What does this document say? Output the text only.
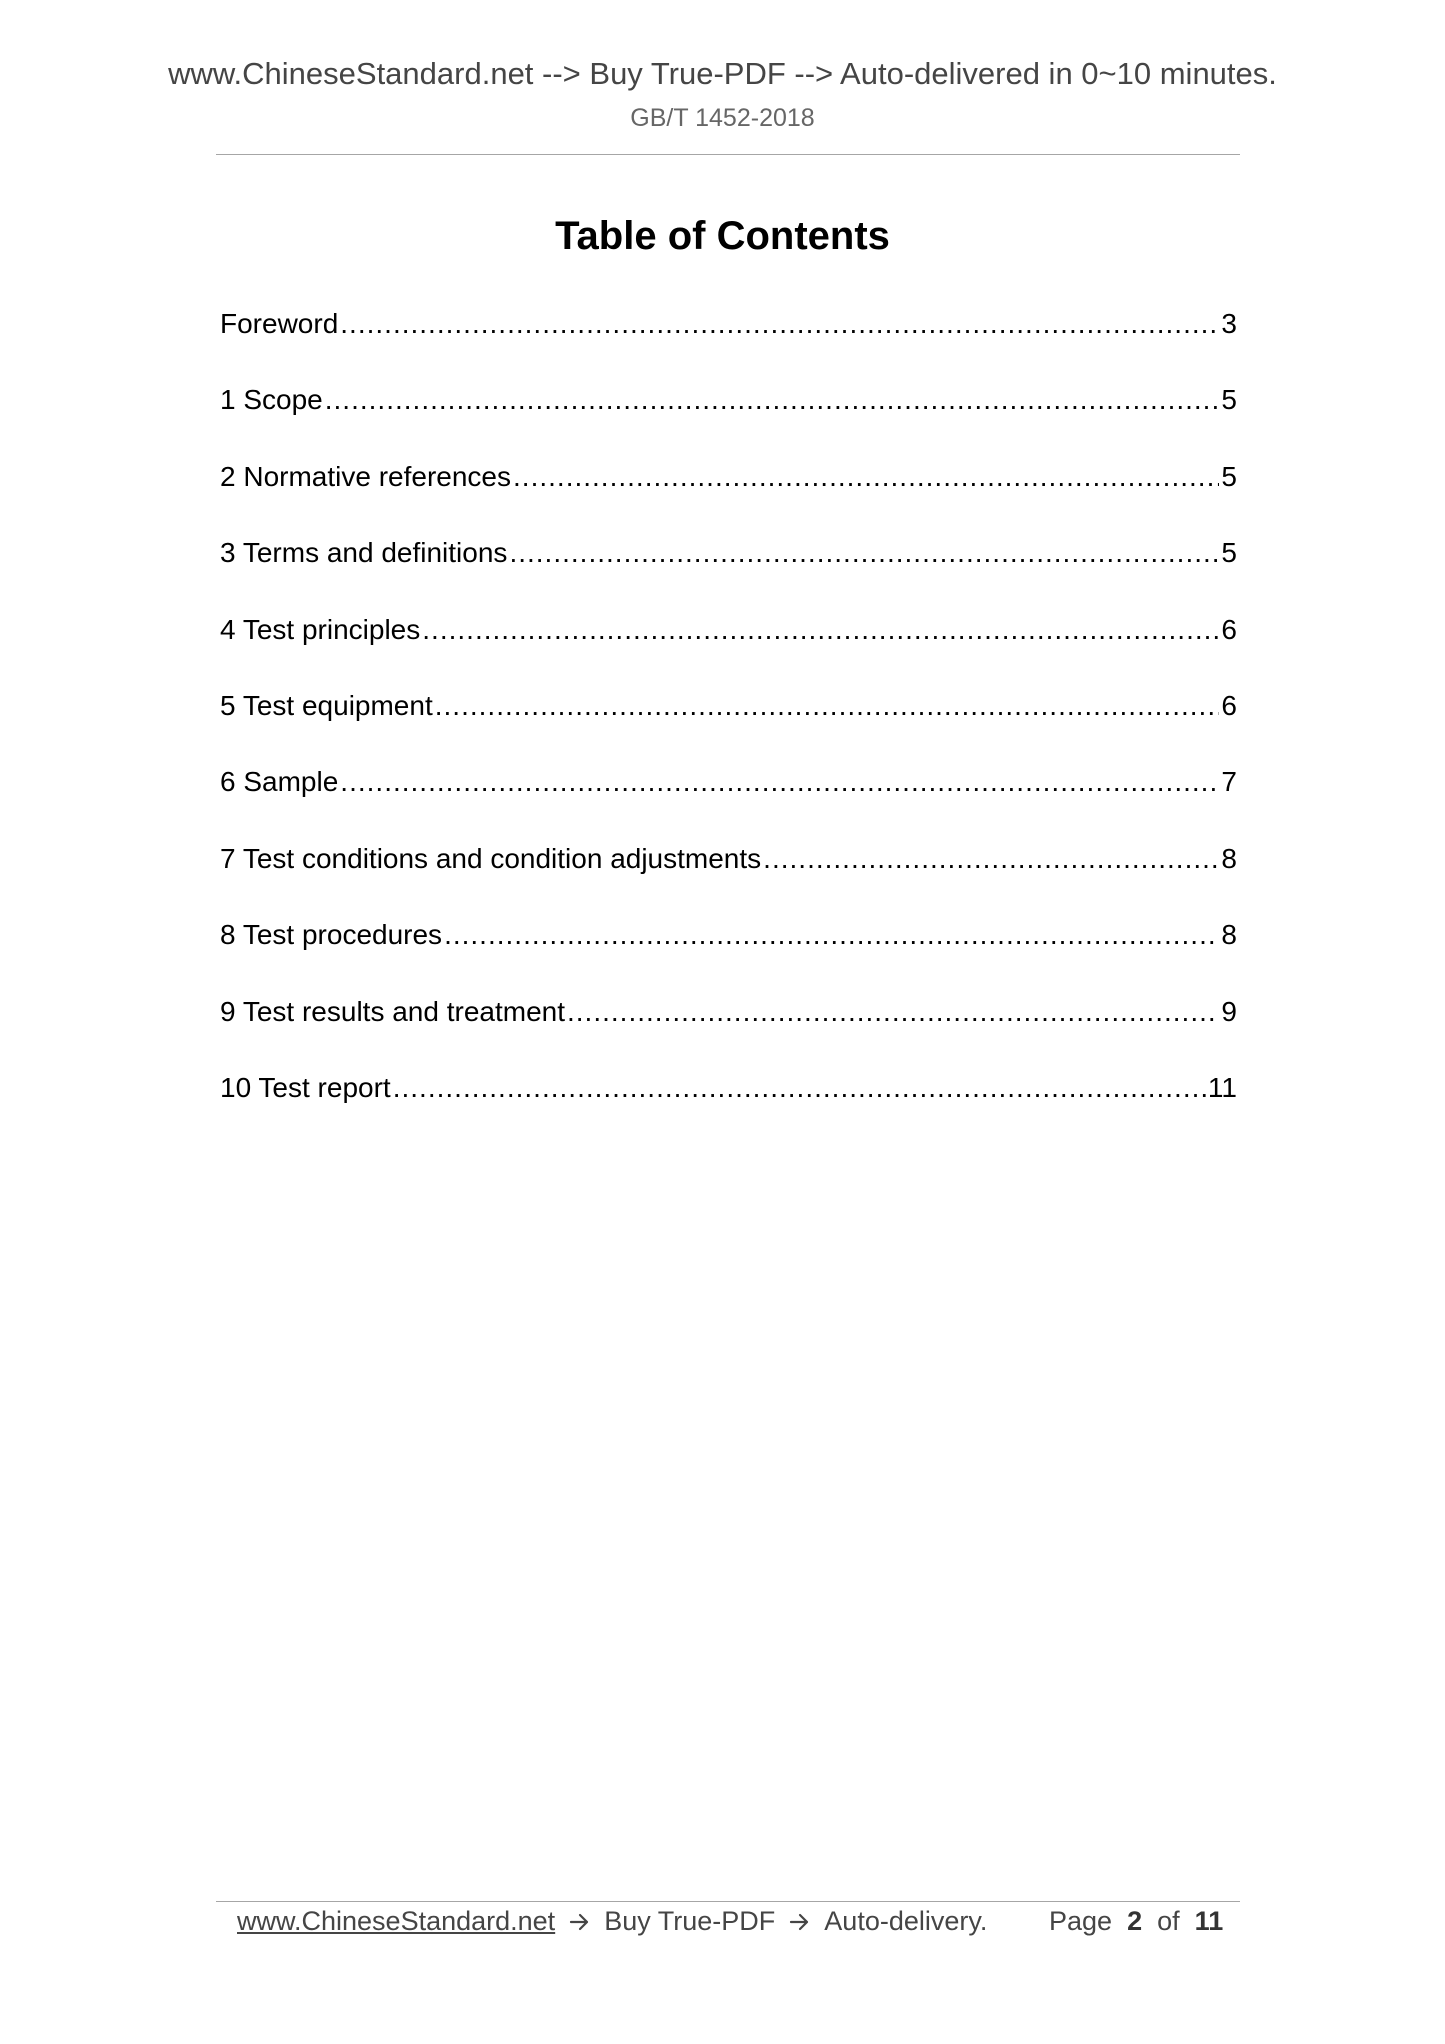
www.ChineseStandard.net --> Buy True-PDF --> Auto-delivered in 0~10 minutes.
GB/T 1452-2018
Table of Contents
Foreword .....	3
1 Scope .....	5
2 Normative references .....	5
3 Terms and definitions .....	5
4 Test principles .....	6
5 Test equipment .....	6
6 Sample .....	7
7 Test conditions and condition adjustments .....	8
8 Test procedures .....	8
9 Test results and treatment .....	9
10 Test report .....	11
www.ChineseStandard.net Buy True-PDF Auto-delivery. Page 2 of 11
